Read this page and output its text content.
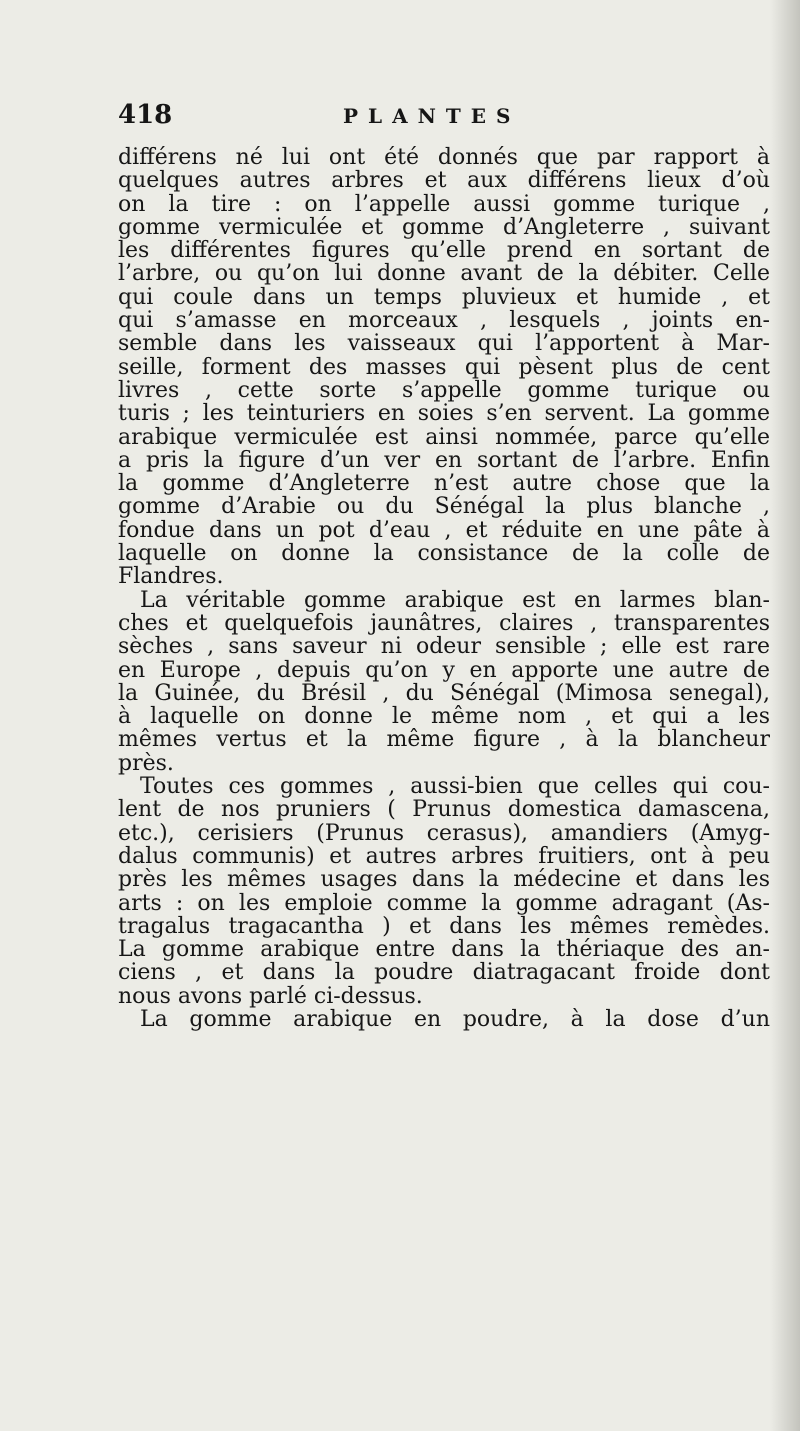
418	PLANTES
différens né lui ont été donnés que par rapport à
quelques autres arbres et aux différens lieux d’où
on la tire : on l’appelle aussi gomme turique ,
gomme vermiculée et gomme d’Angleterre , suivant
les différentes figures qu’elle prend en sortant de
l’arbre, ou qu’on lui donne avant de la débiter. Celle
qui coule dans un temps pluvieux et humide , et
qui s’amasse en morceaux , lesquels , joints en-
semble dans les vaisseaux qui l’apportent à Mar-
seille, forment des masses qui pèsent plus de cent
livres , cette sorte s’appelle gomme turique ou
turis ; les teinturiers en soies s’en servent. La gomme
arabique vermiculée est ainsi nommée, parce qu’elle
a pris la figure d’un ver en sortant de l’arbre. Enfin
la gomme d’Angleterre n’est autre chose que la
gomme d’Arabie ou du Sénégal la plus blanche ,
fondue dans un pot d’eau , et réduite en une pâte à
laquelle on donne la consistance de la colle de
Flandres.
La véritable gomme arabique est en larmes blan-
ches et quelquefois jaunâtres, claires , transparentes
sèches , sans saveur ni odeur sensible ; elle est rare
en Europe , depuis qu’on y en apporte une autre de
la Guinée, du Brésil , du Sénégal (Mimosa senegal),
à laquelle on donne le même nom , et qui a les
mêmes vertus et la même figure , à la blancheur
près.
Toutes ces gommes , aussi-bien que celles qui cou-
lent de nos pruniers ( Prunus domestica damascena,
etc.), cerisiers (Prunus cerasus), amandiers (Amyg-
dalus communis) et autres arbres fruitiers, ont à peu
près les mêmes usages dans la médecine et dans les
arts : on les emploie comme la gomme adragant (As-
tragalus tragacantha ) et dans les mêmes remèdes.
La gomme arabique entre dans la thériaque des an-
ciens , et dans la poudre diatragacant froide dont
nous avons parlé ci-dessus.
La gomme arabique en poudre, à la dose d’un
